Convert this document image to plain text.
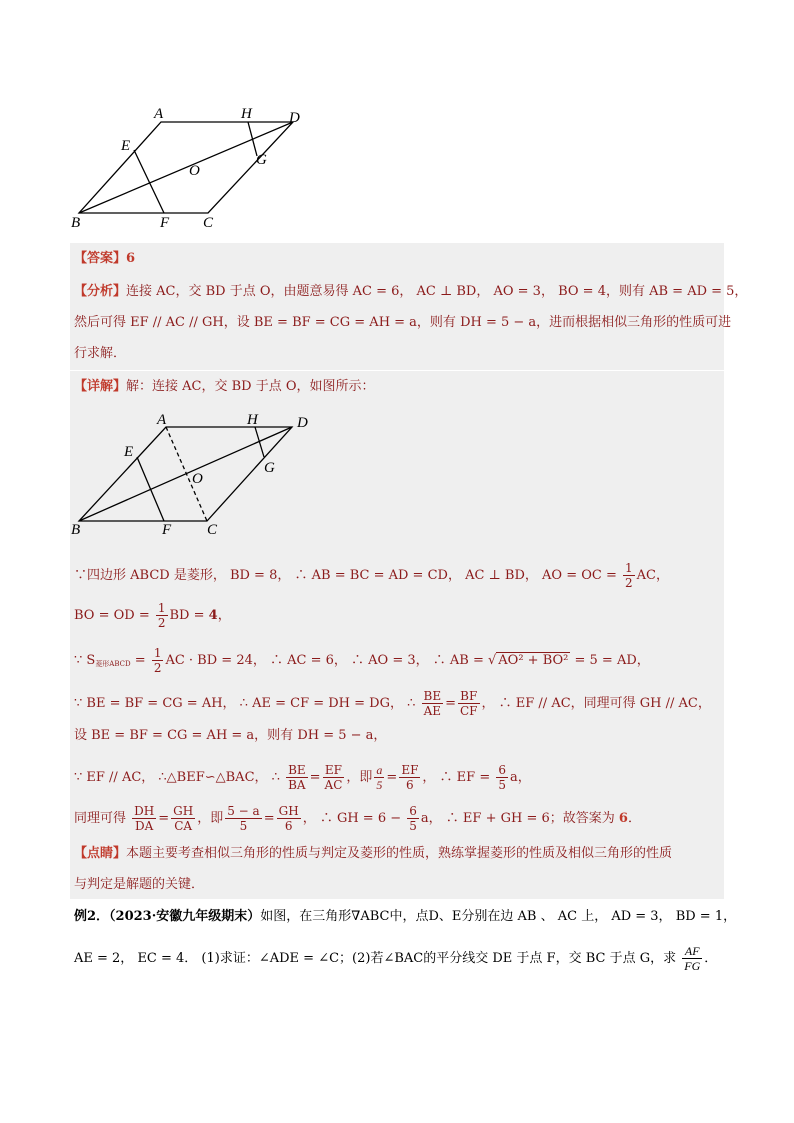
A	H D
E
O
G
B	F C
【答案】6
【分析】连接 AC，交 BD 于点 O，由题意易得 AC = 6， AC ⊥ BD， AO = 3， BO = 4，则有 AB = AD = 5，
然后可得 EF // AC // GH，设 BE = BF = CG = AH = a，则有 DH = 5 − a，进而根据相似三角形的性质可进
行求解．
【详解】解：连接 AC，交 BD 于点 O，如图所示：
A	H	D
E
O
G
B	F C
∵四边形 ABCD 是菱形， BD = 8， ∴ AB = BC = AD = CD， AC ⊥ BD， AO = OC = $\frac{1}{2}$ AC，
BO = OD = $\frac{1}{2}$ BD = 4，
∵ $S_{菱形ABCD} = \frac{1}{2}$ AC · BD = 24， ∴ AC = 6， ∴ AO = 3， ∴ AB = √ AO² + BO² = 5 = AD，
∵ BE = BF = CG = AH， ∴ AE = CF = DH = DG， ∴ $\frac{BE}{AE} = \frac{BF}{CF}$ ， ∴ EF // AC，同理可得 GH // AC，
设 BE = BF = CG = AH = a，则有 DH = 5 − a，
∵ EF // AC， ∴△BEF∽△BAC， ∴ $\frac{BE}{BA} = \frac{EF}{AC}$ ，即 $\frac{a}{5} = \frac{EF}{6}$ ， ∴ EF = $\frac{6}{5}$ a，
同理可得 $\frac{DH}{DA} = \frac{GH}{CA}$ ，即 $\frac{5 - a}{5} = \frac{GH}{6}$ ， ∴ GH = $6 - \frac{6}{5}$ a， ∴ EF + GH = 6；故答案为 6．
【点睛】本题主要考查相似三角形的性质与判定及菱形的性质，熟练掌握菱形的性质及相似三角形的性质
与判定是解题的关键．
例2．（2023·安徽九年级期末）如图，在三角形∇ABC中，点D、E分别在边 AB 、 AC 上， AD = 3， BD = 1，
AE = 2， EC = 4． (1)求证：∠ADE = ∠C；(2)若∠BAC的平分线交 DE 于点 F，交 BC 于点 G，求 $\frac{AF}{FG}$ ．
